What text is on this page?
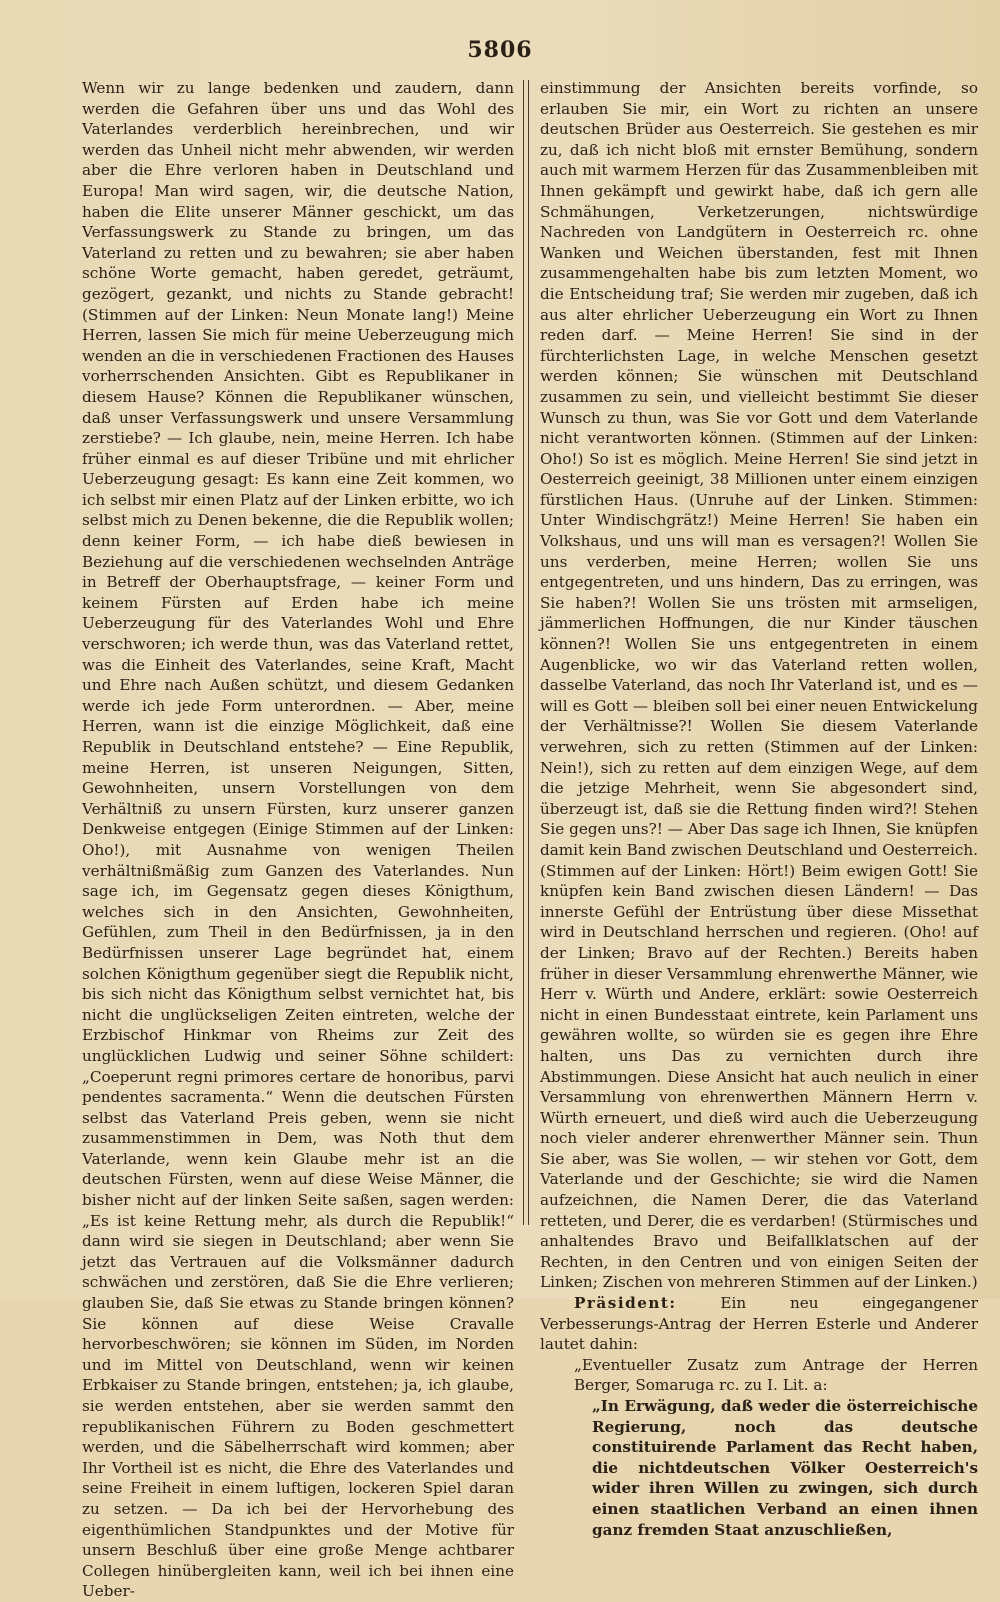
5806

Wenn wir zu lange bedenken und zaudern, dann werden die Gefahren über uns und das Wohl des Vaterlandes verderblich hereinbrechen, und wir werden das Unheil nicht mehr abwenden, wir werden aber die Ehre verloren haben in Deutschland und Europa! Man wird sagen, wir, die deutsche Nation, haben die Elite unserer Männer geschickt, um das Verfassungswerk zu Stande zu bringen, um das Vaterland zu retten und zu bewahren; sie aber haben schöne Worte gemacht, haben geredet, geträumt, gezögert, gezankt, und nichts zu Stande gebracht! (Stimmen auf der Linken: Neun Monate lang!) Meine Herren, lassen Sie mich für meine Ueberzeugung mich wenden an die in verschiedenen Fractionen des Hauses vorherrschenden Ansichten. Gibt es Republikaner in diesem Hause? Können die Republikaner wünschen, daß unser Verfassungswerk und unsere Versammlung zerstiebe? — Ich glaube, nein, meine Herren. Ich habe früher einmal es auf dieser Tribüne und mit ehrlicher Ueberzeugung gesagt: Es kann eine Zeit kommen, wo ich selbst mir einen Platz auf der Linken erbitte, wo ich selbst mich zu Denen bekenne, die die Republik wollen; denn keiner Form, — ich habe dieß bewiesen in Beziehung auf die verschiedenen wechselnden Anträge in Betreff der Oberhauptsfrage, — keiner Form und keinem Fürsten auf Erden habe ich meine Ueberzeugung für des Vaterlandes Wohl und Ehre verschworen; ich werde thun, was das Vaterland rettet, was die Einheit des Vaterlandes, seine Kraft, Macht und Ehre nach Außen schützt, und diesem Gedanken werde ich jede Form unterordnen. — Aber, meine Herren, wann ist die einzige Möglichkeit, daß eine Republik in Deutschland entstehe? — Eine Republik, meine Herren, ist unseren Neigungen, Sitten, Gewohnheiten, unsern Vorstellungen von dem Verhältniß zu unsern Fürsten, kurz unserer ganzen Denkweise entgegen (Einige Stimmen auf der Linken: Oho!), mit Ausnahme von wenigen Theilen verhältnißmäßig zum Ganzen des Vaterlandes. Nun sage ich, im Gegensatz gegen dieses Königthum, welches sich in den Ansichten, Gewohnheiten, Gefühlen, zum Theil in den Bedürfnissen, ja in den Bedürfnissen unserer Lage begründet hat, einem solchen Königthum gegenüber siegt die Republik nicht, bis sich nicht das Königthum selbst vernichtet hat, bis nicht die unglückseligen Zeiten eintreten, welche der Erzbischof Hinkmar von Rheims zur Zeit des unglücklichen Ludwig und seiner Söhne schildert: „Coeperunt regni primores certare de honoribus, parvi pendentes sacramenta.“ Wenn die deutschen Fürsten selbst das Vaterland Preis geben, wenn sie nicht zusammenstimmen in Dem, was Noth thut dem Vaterlande, wenn kein Glaube mehr ist an die deutschen Fürsten, wenn auf diese Weise Männer, die bisher nicht auf der linken Seite saßen, sagen werden: „Es ist keine Rettung mehr, als durch die Republik!“ dann wird sie siegen in Deutschland; aber wenn Sie jetzt das Vertrauen auf die Volksmänner dadurch schwächen und zerstören, daß Sie die Ehre verlieren; glauben Sie, daß Sie etwas zu Stande bringen können? Sie können auf diese Weise Cravalle hervorbeschwören; sie können im Süden, im Norden und im Mittel von Deutschland, wenn wir keinen Erbkaiser zu Stande bringen, entstehen; ja, ich glaube, sie werden entstehen, aber sie werden sammt den republikanischen Führern zu Boden geschmettert werden, und die Säbelherrschaft wird kommen; aber Ihr Vortheil ist es nicht, die Ehre des Vaterlandes und seine Freiheit in einem luftigen, lockeren Spiel daran zu setzen. — Da ich bei der Hervorhebung des eigenthümlichen Standpunktes und der Motive für unsern Beschluß über eine große Menge achtbarer Collegen hinübergleiten kann, weil ich bei ihnen eine Ueber-

einstimmung der Ansichten bereits vorfinde, so erlauben Sie mir, ein Wort zu richten an unsere deutschen Brüder aus Oesterreich. Sie gestehen es mir zu, daß ich nicht bloß mit ernster Bemühung, sondern auch mit warmem Herzen für das Zusammenbleiben mit Ihnen gekämpft und gewirkt habe, daß ich gern alle Schmähungen, Verketzerungen, nichtswürdige Nachreden von Landgütern in Oesterreich rc. ohne Wanken und Weichen überstanden, fest mit Ihnen zusammengehalten habe bis zum letzten Moment, wo die Entscheidung traf; Sie werden mir zugeben, daß ich aus alter ehrlicher Ueberzeugung ein Wort zu Ihnen reden darf. — Meine Herren! Sie sind in der fürchterlichsten Lage, in welche Menschen gesetzt werden können; Sie wünschen mit Deutschland zusammen zu sein, und vielleicht bestimmt Sie dieser Wunsch zu thun, was Sie vor Gott und dem Vaterlande nicht verantworten können. (Stimmen auf der Linken: Oho!) So ist es möglich. Meine Herren! Sie sind jetzt in Oesterreich geeinigt, 38 Millionen unter einem einzigen fürstlichen Haus. (Unruhe auf der Linken. Stimmen: Unter Windischgrätz!) Meine Herren! Sie haben ein Volkshaus, und uns will man es versagen?! Wollen Sie uns verderben, meine Herren; wollen Sie uns entgegentreten, und uns hindern, Das zu erringen, was Sie haben?! Wollen Sie uns trösten mit armseligen, jämmerlichen Hoffnungen, die nur Kinder täuschen können?! Wollen Sie uns entgegentreten in einem Augenblicke, wo wir das Vaterland retten wollen, dasselbe Vaterland, das noch Ihr Vaterland ist, und es — will es Gott — bleiben soll bei einer neuen Entwickelung der Verhältnisse?! Wollen Sie diesem Vaterlande verwehren, sich zu retten (Stimmen auf der Linken: Nein!), sich zu retten auf dem einzigen Wege, auf dem die jetzige Mehrheit, wenn Sie abgesondert sind, überzeugt ist, daß sie die Rettung finden wird?! Stehen Sie gegen uns?! — Aber Das sage ich Ihnen, Sie knüpfen damit kein Band zwischen Deutschland und Oesterreich. (Stimmen auf der Linken: Hört!) Beim ewigen Gott! Sie knüpfen kein Band zwischen diesen Ländern! — Das innerste Gefühl der Entrüstung über diese Missethat wird in Deutschland herrschen und regieren. (Oho! auf der Linken; Bravo auf der Rechten.) Bereits haben früher in dieser Versammlung ehrenwerthe Männer, wie Herr v. Würth und Andere, erklärt: sowie Oesterreich nicht in einen Bundesstaat eintrete, kein Parlament uns gewähren wollte, so würden sie es gegen ihre Ehre halten, uns Das zu vernichten durch ihre Abstimmungen. Diese Ansicht hat auch neulich in einer Versammlung von ehrenwerthen Männern Herrn v. Würth erneuert, und dieß wird auch die Ueberzeugung noch vieler anderer ehrenwerther Männer sein. Thun Sie aber, was Sie wollen, — wir stehen vor Gott, dem Vaterlande und der Geschichte; sie wird die Namen aufzeichnen, die Namen Derer, die das Vaterland retteten, und Derer, die es verdarben! (Stürmisches und anhaltendes Bravo und Beifallklatschen auf der Rechten, in den Centren und von einigen Seiten der Linken; Zischen von mehreren Stimmen auf der Linken.)

Präsident:	Ein neu eingegangener Verbesserungs-Antrag der Herren Esterle und Anderer lautet dahin:

„Eventueller Zusatz zum Antrage der Herren Berger, Somaruga rc. zu I. Lit. a:

„In Erwägung, daß weder die österreichische Regierung, noch das deutsche constituirende Parlament das Recht haben, die nichtdeutschen Völker Oesterreich's wider ihren Willen zu zwingen, sich durch einen staatlichen Verband an einen ihnen ganz fremden Staat anzuschließen,
